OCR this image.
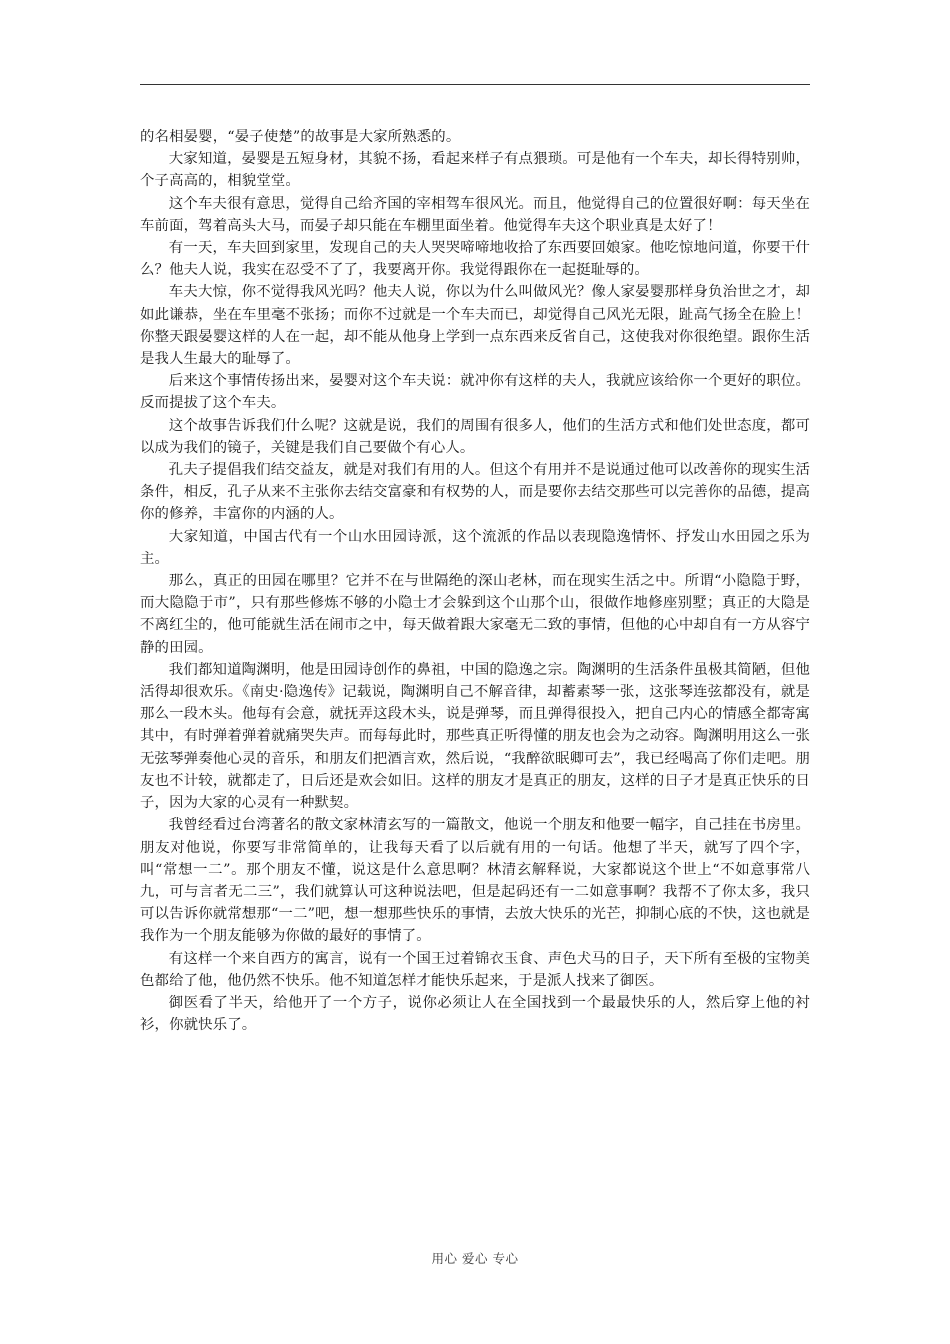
的名相晏婴，“晏子使楚”的故事是大家所熟悉的。

大家知道，晏婴是五短身材，其貌不扬，看起来样子有点猥琐。可是他有一个车夫，却长得特别帅，个子高高的，相貌堂堂。

这个车夫很有意思，觉得自己给齐国的宰相驾车很风光。而且，他觉得自己的位置很好啊：每天坐在车前面，驾着高头大马，而晏子却只能在车棚里面坐着。他觉得车夫这个职业真是太好了！

有一天，车夫回到家里，发现自己的夫人哭哭啼啼地收拾了东西要回娘家。他吃惊地问道，你要干什么？他夫人说，我实在忍受不了了，我要离开你。我觉得跟你在一起挺耻辱的。

车夫大惊，你不觉得我风光吗？他夫人说，你以为什么叫做风光？像人家晏婴那样身负治世之才，却如此谦恭，坐在车里毫不张扬；而你不过就是一个车夫而已，却觉得自己风光无限，趾高气扬全在脸上！你整天跟晏婴这样的人在一起，却不能从他身上学到一点东西来反省自己，这使我对你很绝望。跟你生活是我人生最大的耻辱了。

后来这个事情传扬出来，晏婴对这个车夫说：就冲你有这样的夫人，我就应该给你一个更好的职位。反而提拔了这个车夫。

这个故事告诉我们什么呢？这就是说，我们的周围有很多人，他们的生活方式和他们处世态度，都可以成为我们的镜子，关键是我们自己要做个有心人。

孔夫子提倡我们结交益友，就是对我们有用的人。但这个有用并不是说通过他可以改善你的现实生活条件，相反，孔子从来不主张你去结交富豪和有权势的人，而是要你去结交那些可以完善你的品德，提高你的修养，丰富你的内涵的人。

大家知道，中国古代有一个山水田园诗派，这个流派的作品以表现隐逸情怀、抒发山水田园之乐为主。

那么，真正的田园在哪里？它并不在与世隔绝的深山老林，而在现实生活之中。所谓“小隐隐于野，而大隐隐于市”，只有那些修炼不够的小隐士才会躲到这个山那个山，很做作地修座别墅；真正的大隐是不离红尘的，他可能就生活在闹市之中，每天做着跟大家毫无二致的事情，但他的心中却自有一方从容宁静的田园。

我们都知道陶渊明，他是田园诗创作的鼻祖，中国的隐逸之宗。陶渊明的生活条件虽极其简陋，但他活得却很欢乐。《南史·隐逸传》记载说，陶渊明自己不解音律，却蓄素琴一张，这张琴连弦都没有，就是那么一段木头。他每有会意，就抚弄这段木头，说是弹琴，而且弹得很投入，把自己内心的情感全都寄寓其中，有时弹着弹着就痛哭失声。而每每此时，那些真正听得懂的朋友也会为之动容。陶渊明用这么一张无弦琴弹奏他心灵的音乐，和朋友们把酒言欢，然后说，“我醉欲眠卿可去”，我已经喝高了你们走吧。朋友也不计较，就都走了，日后还是欢会如旧。这样的朋友才是真正的朋友，这样的日子才是真正快乐的日子，因为大家的心灵有一种默契。

我曾经看过台湾著名的散文家林清玄写的一篇散文，他说一个朋友和他要一幅字，自己挂在书房里。朋友对他说，你要写非常简单的，让我每天看了以后就有用的一句话。他想了半天，就写了四个字，叫“常想一二”。那个朋友不懂，说这是什么意思啊？林清玄解释说，大家都说这个世上“不如意事常八九，可与言者无二三”，我们就算认可这种说法吧，但是起码还有一二如意事啊？我帮不了你太多，我只可以告诉你就常想那“一二”吧，想一想那些快乐的事情，去放大快乐的光芒，抑制心底的不快，这也就是我作为一个朋友能够为你做的最好的事情了。

有这样一个来自西方的寓言，说有一个国王过着锦衣玉食、声色犬马的日子，天下所有至极的宝物美色都给了他，他仍然不快乐。他不知道怎样才能快乐起来，于是派人找来了御医。

御医看了半天，给他开了一个方子，说你必须让人在全国找到一个最最快乐的人，然后穿上他的衬衫，你就快乐了。

用心 爱心 专心
